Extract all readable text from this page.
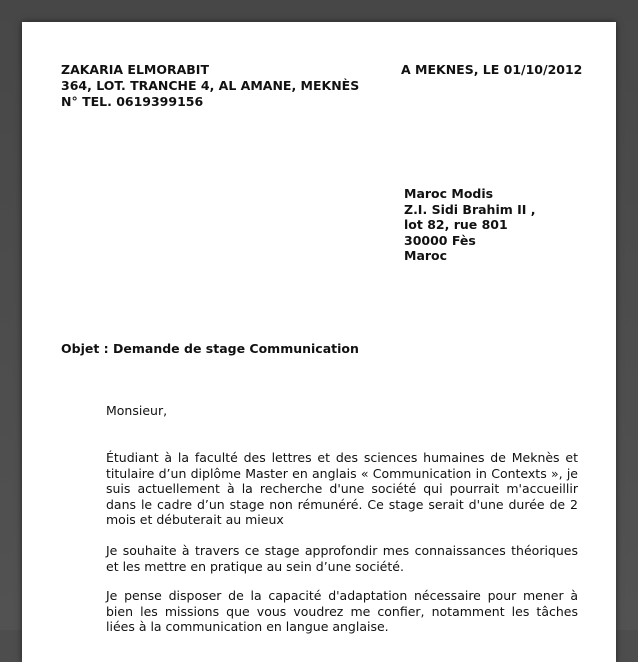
ZAKARIA ELMORABIT
364, LOT. TRANCHE 4, AL AMANE, MEKNÈS
N° TEL. 0619399156
A MEKNES, LE 01/10/2012
Maroc Modis
Z.I. Sidi Brahim II ,
lot 82, rue 801
30000 Fès
Maroc
Objet : Demande de stage Communication
Monsieur,

Étudiant à la faculté des lettres et des sciences humaines de Meknès et titulaire d’un diplôme Master en anglais « Communication in Contexts », je suis actuellement à la recherche d'une société qui pourrait m'accueillir dans le cadre d’un stage non rémunéré. Ce stage serait d'une durée de 2 mois et débuterait au mieux

Je souhaite à travers ce stage approfondir mes connaissances théoriques et les mettre en pratique au sein d’une société.

Je pense disposer de la capacité d'adaptation nécessaire pour mener à bien les missions que vous voudrez me confier, notamment les tâches liées à la communication en langue anglaise.
